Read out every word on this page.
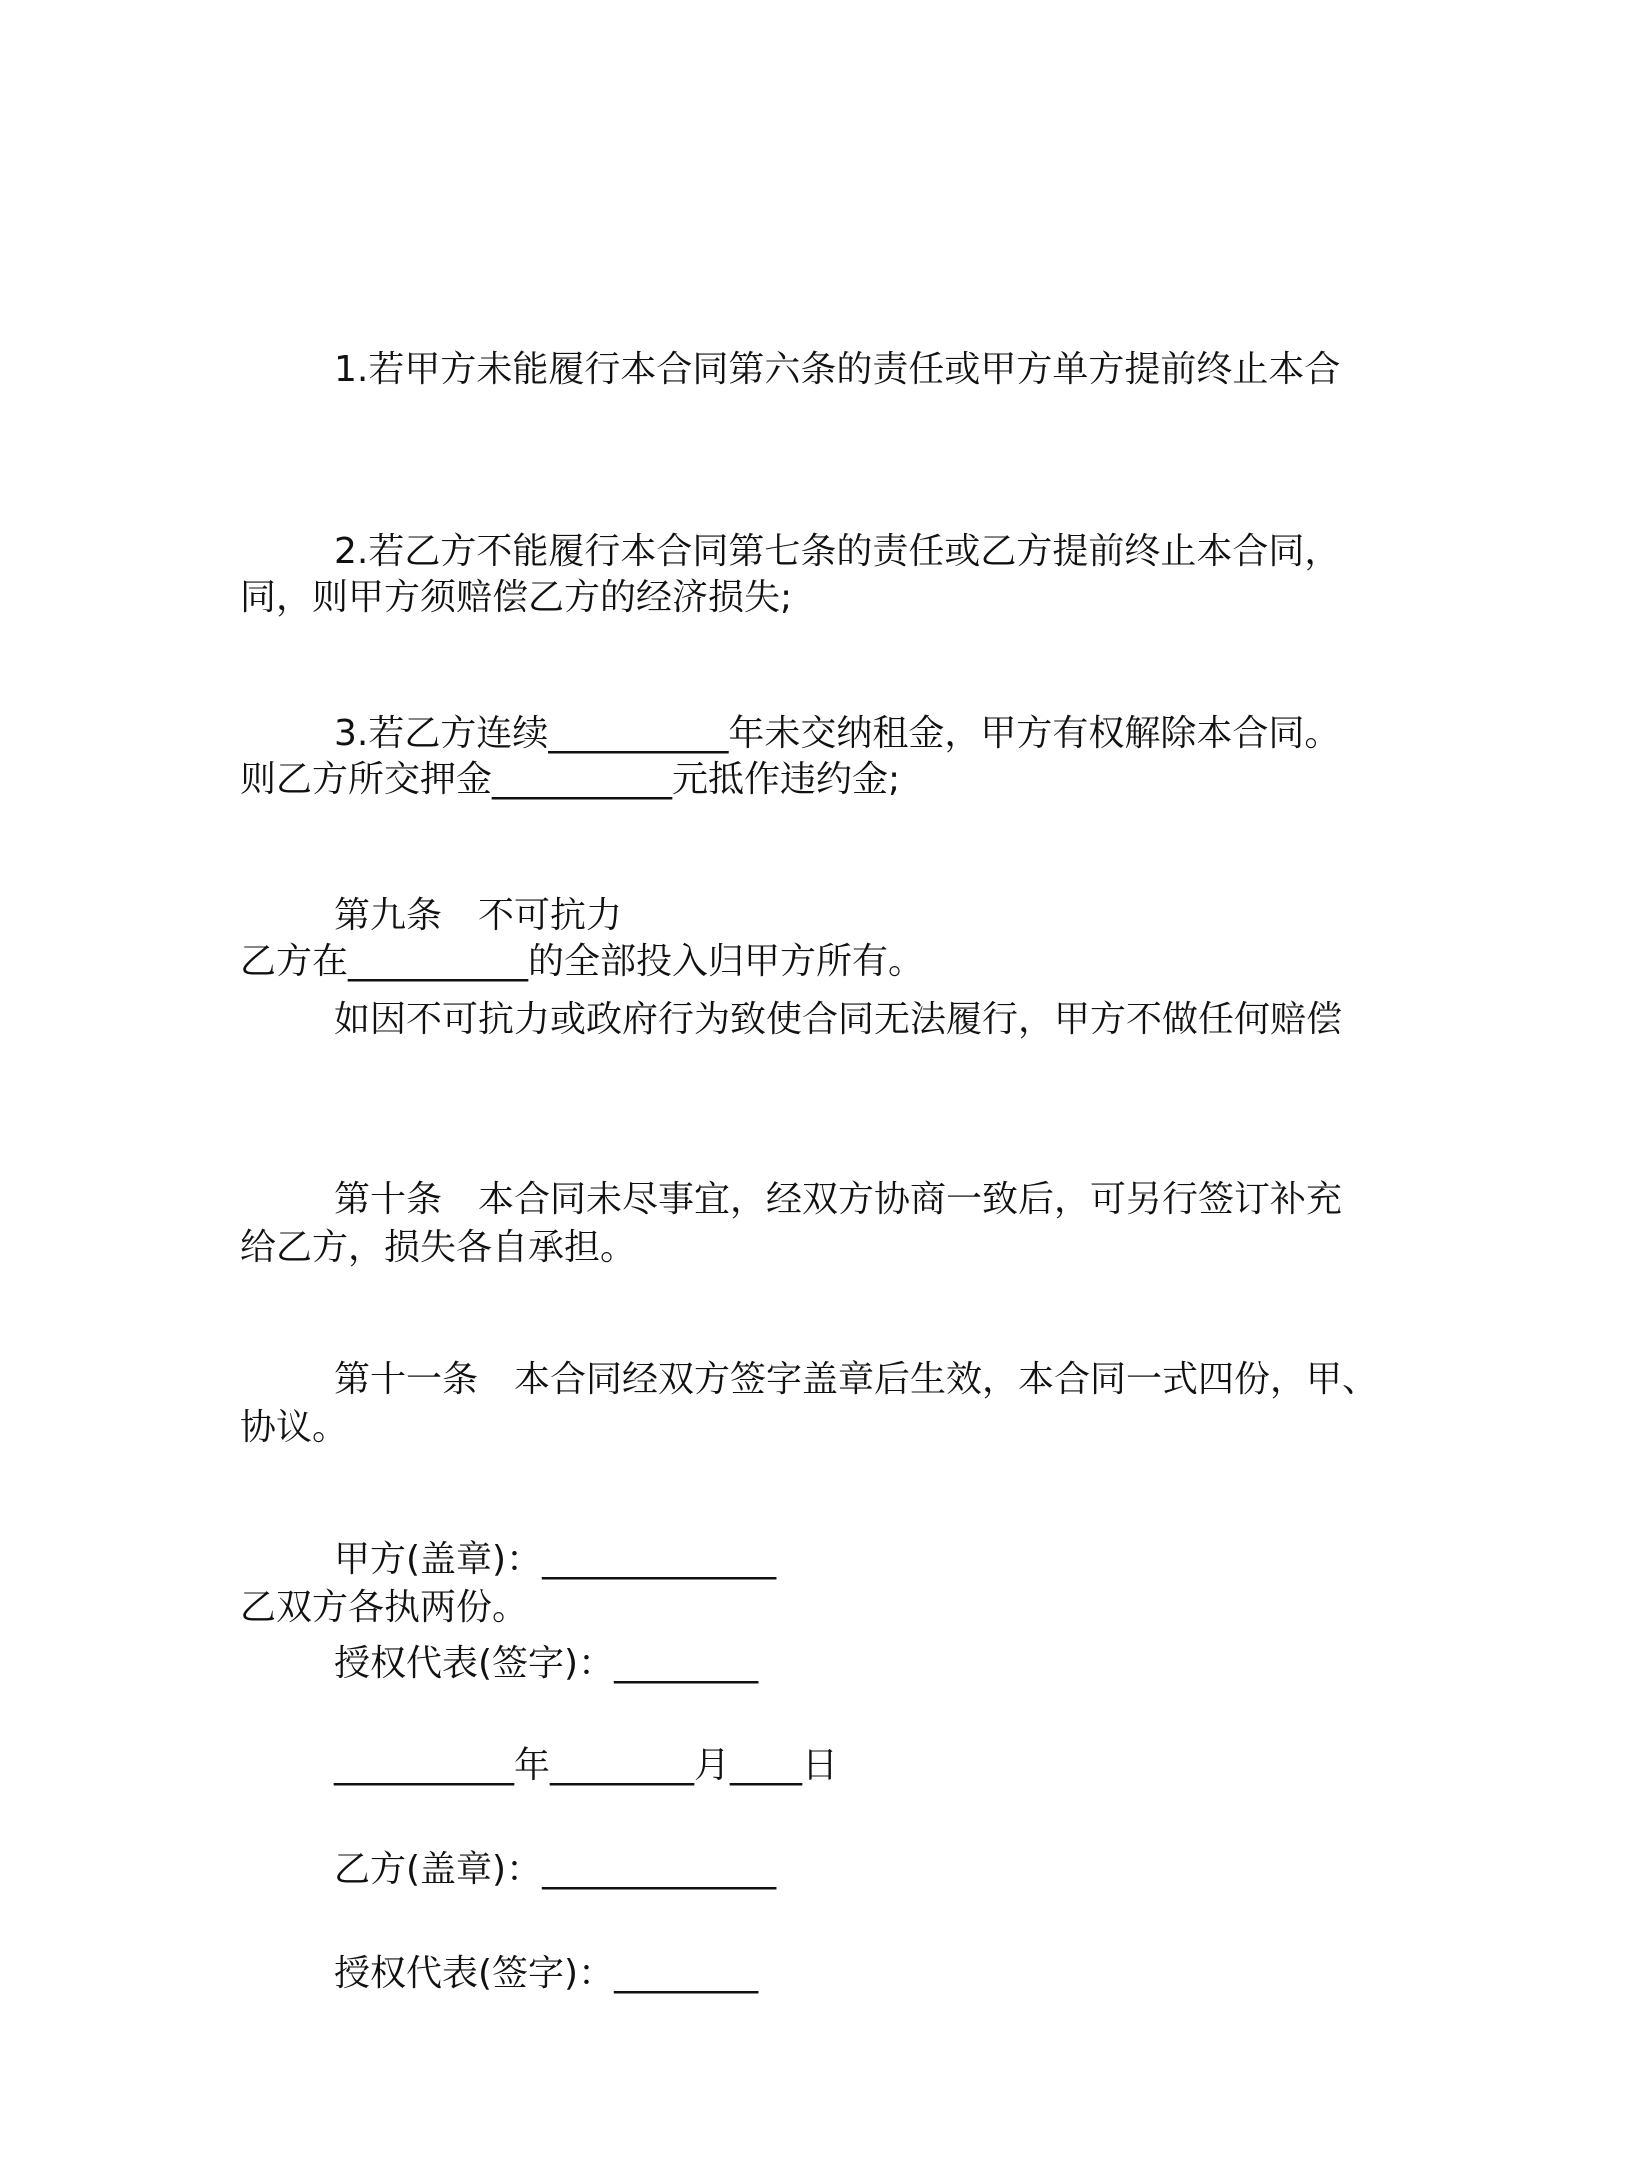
1.若甲方未能履行本合同第六条的责任或甲方单方提前终止本合

同，则甲方须赔偿乙方的经济损失;

2.若乙方不能履行本合同第七条的责任或乙方提前终止本合同，

则乙方所交押金__________元抵作违约金;

3.若乙方连续__________年未交纳租金，甲方有权解除本合同。

乙方在__________的全部投入归甲方所有。

第九条　不可抗力

如因不可抗力或政府行为致使合同无法履行，甲方不做任何赔偿

给乙方，损失各自承担。

第十条　本合同未尽事宜，经双方协商一致后，可另行签订补充

协议。

第十一条　本合同经双方签字盖章后生效，本合同一式四份，甲、

乙双方各执两份。

甲方(盖章)：_____________

授权代表(签字)：________

__________年________月____日

乙方(盖章)：_____________

授权代表(签字)：________
